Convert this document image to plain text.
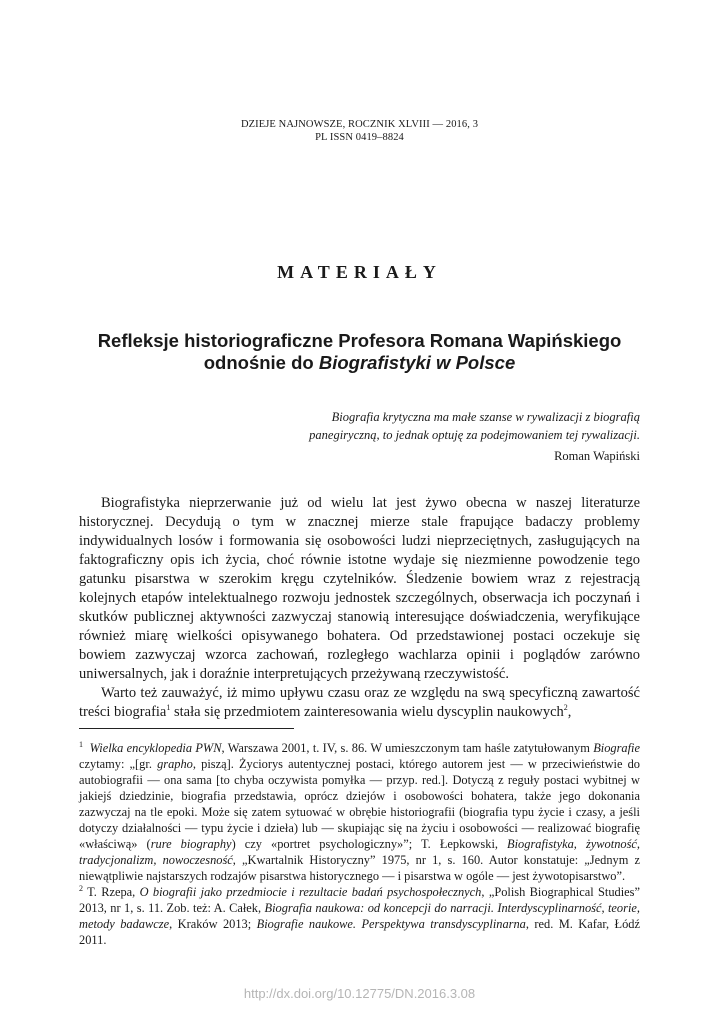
DZIEJE NAJNOWSZE, ROCZNIK XLVIII — 2016, 3
PL ISSN 0419–8824
MATERIAŁY
Refleksje historiograficzne Profesora Romana Wapińskiego
odnośnie do Biografistyki w Polsce
Biografia krytyczna ma małe szanse w rywalizacji z biografią
panegiryczną, to jednak optuję za podejmowaniem tej rywalizacji.
Roman Wapiński

Biografistyka nieprzerwanie już od wielu lat jest żywo obecna w naszej literaturze historycznej. Decydują o tym w znacznej mierze stale frapujące badaczy problemy indywidualnych losów i formowania się osobowości ludzi nieprzeciętnych, zasługujących na faktograficzny opis ich życia, choć równie istotne wydaje się niezmienne powodzenie tego gatunku pisarstwa w szerokim kręgu czytelników. Śledzenie bowiem wraz z rejestracją kolejnych etapów intelektualnego rozwoju jednostek szczególnych, obserwacja ich poczynań i skutków publicznej aktywności zazwyczaj stanowią interesujące doświadczenia, weryfikujące również miarę wielkości opisywanego bohatera. Od przedstawionej postaci oczekuje się bowiem zazwyczaj wzorca zachowań, rozległego wachlarza opinii i poglądów zarówno uniwersalnych, jak i doraźnie interpretujących przeżywaną rzeczywistość.

Warto też zauważyć, iż mimo upływu czasu oraz ze względu na swą specyficzną zawartość treści biografia$^1$ stała się przedmiotem zainteresowania wielu dyscyplin naukowych$^2$,

$^1$ Wielka encyklopedia PWN, Warszawa 2001, t. IV, s. 86. W umieszczonym tam haśle zatytułowanym Biografie czytamy: „[gr. grapho, piszą]. Życiorys autentycznej postaci, którego autorem jest — w przeciwieństwie do autobiografii — ona sama [to chyba oczywista pomyłka — przyp. red.]. Dotyczą z reguły postaci wybitnej w jakiejś dziedzinie, biografia przedstawia, oprócz dziejów i osobowości bohatera, także jego dokonania zazwyczaj na tle epoki. Może się zatem sytuować w obrębie historiografii (biografia typu życie i czasy, a jeśli dotyczy działalności — typu życie i dzieła) lub — skupiając się na życiu i osobowości — realizować biografię «właściwą» (rure biography) czy «portret psychologiczny»”; T. Łepkowski, Biografistyka, żywotność, tradycjonalizm, nowoczesność, „Kwartalnik Historyczny” 1975, nr 1, s. 160. Autor konstatuje: „Jednym z niewątpliwie najstarszych rodzajów pisarstwa historycznego — i pisarstwa w ogóle — jest żywotopisarstwo”.

$^2$ T. Rzepa, O biografii jako przedmiocie i rezultacie badań psychospołecznych, „Polish Biographical Studies” 2013, nr 1, s. 11. Zob. też: A. Całek, Biografia naukowa: od koncepcji do narracji. Interdyscyplinarność, teorie, metody badawcze, Kraków 2013; Biografie naukowe. Perspektywa transdyscyplinarna, red. M. Kafar, Łódź 2011.

http://dx.doi.org/10.12775/DN.2016.3.08
